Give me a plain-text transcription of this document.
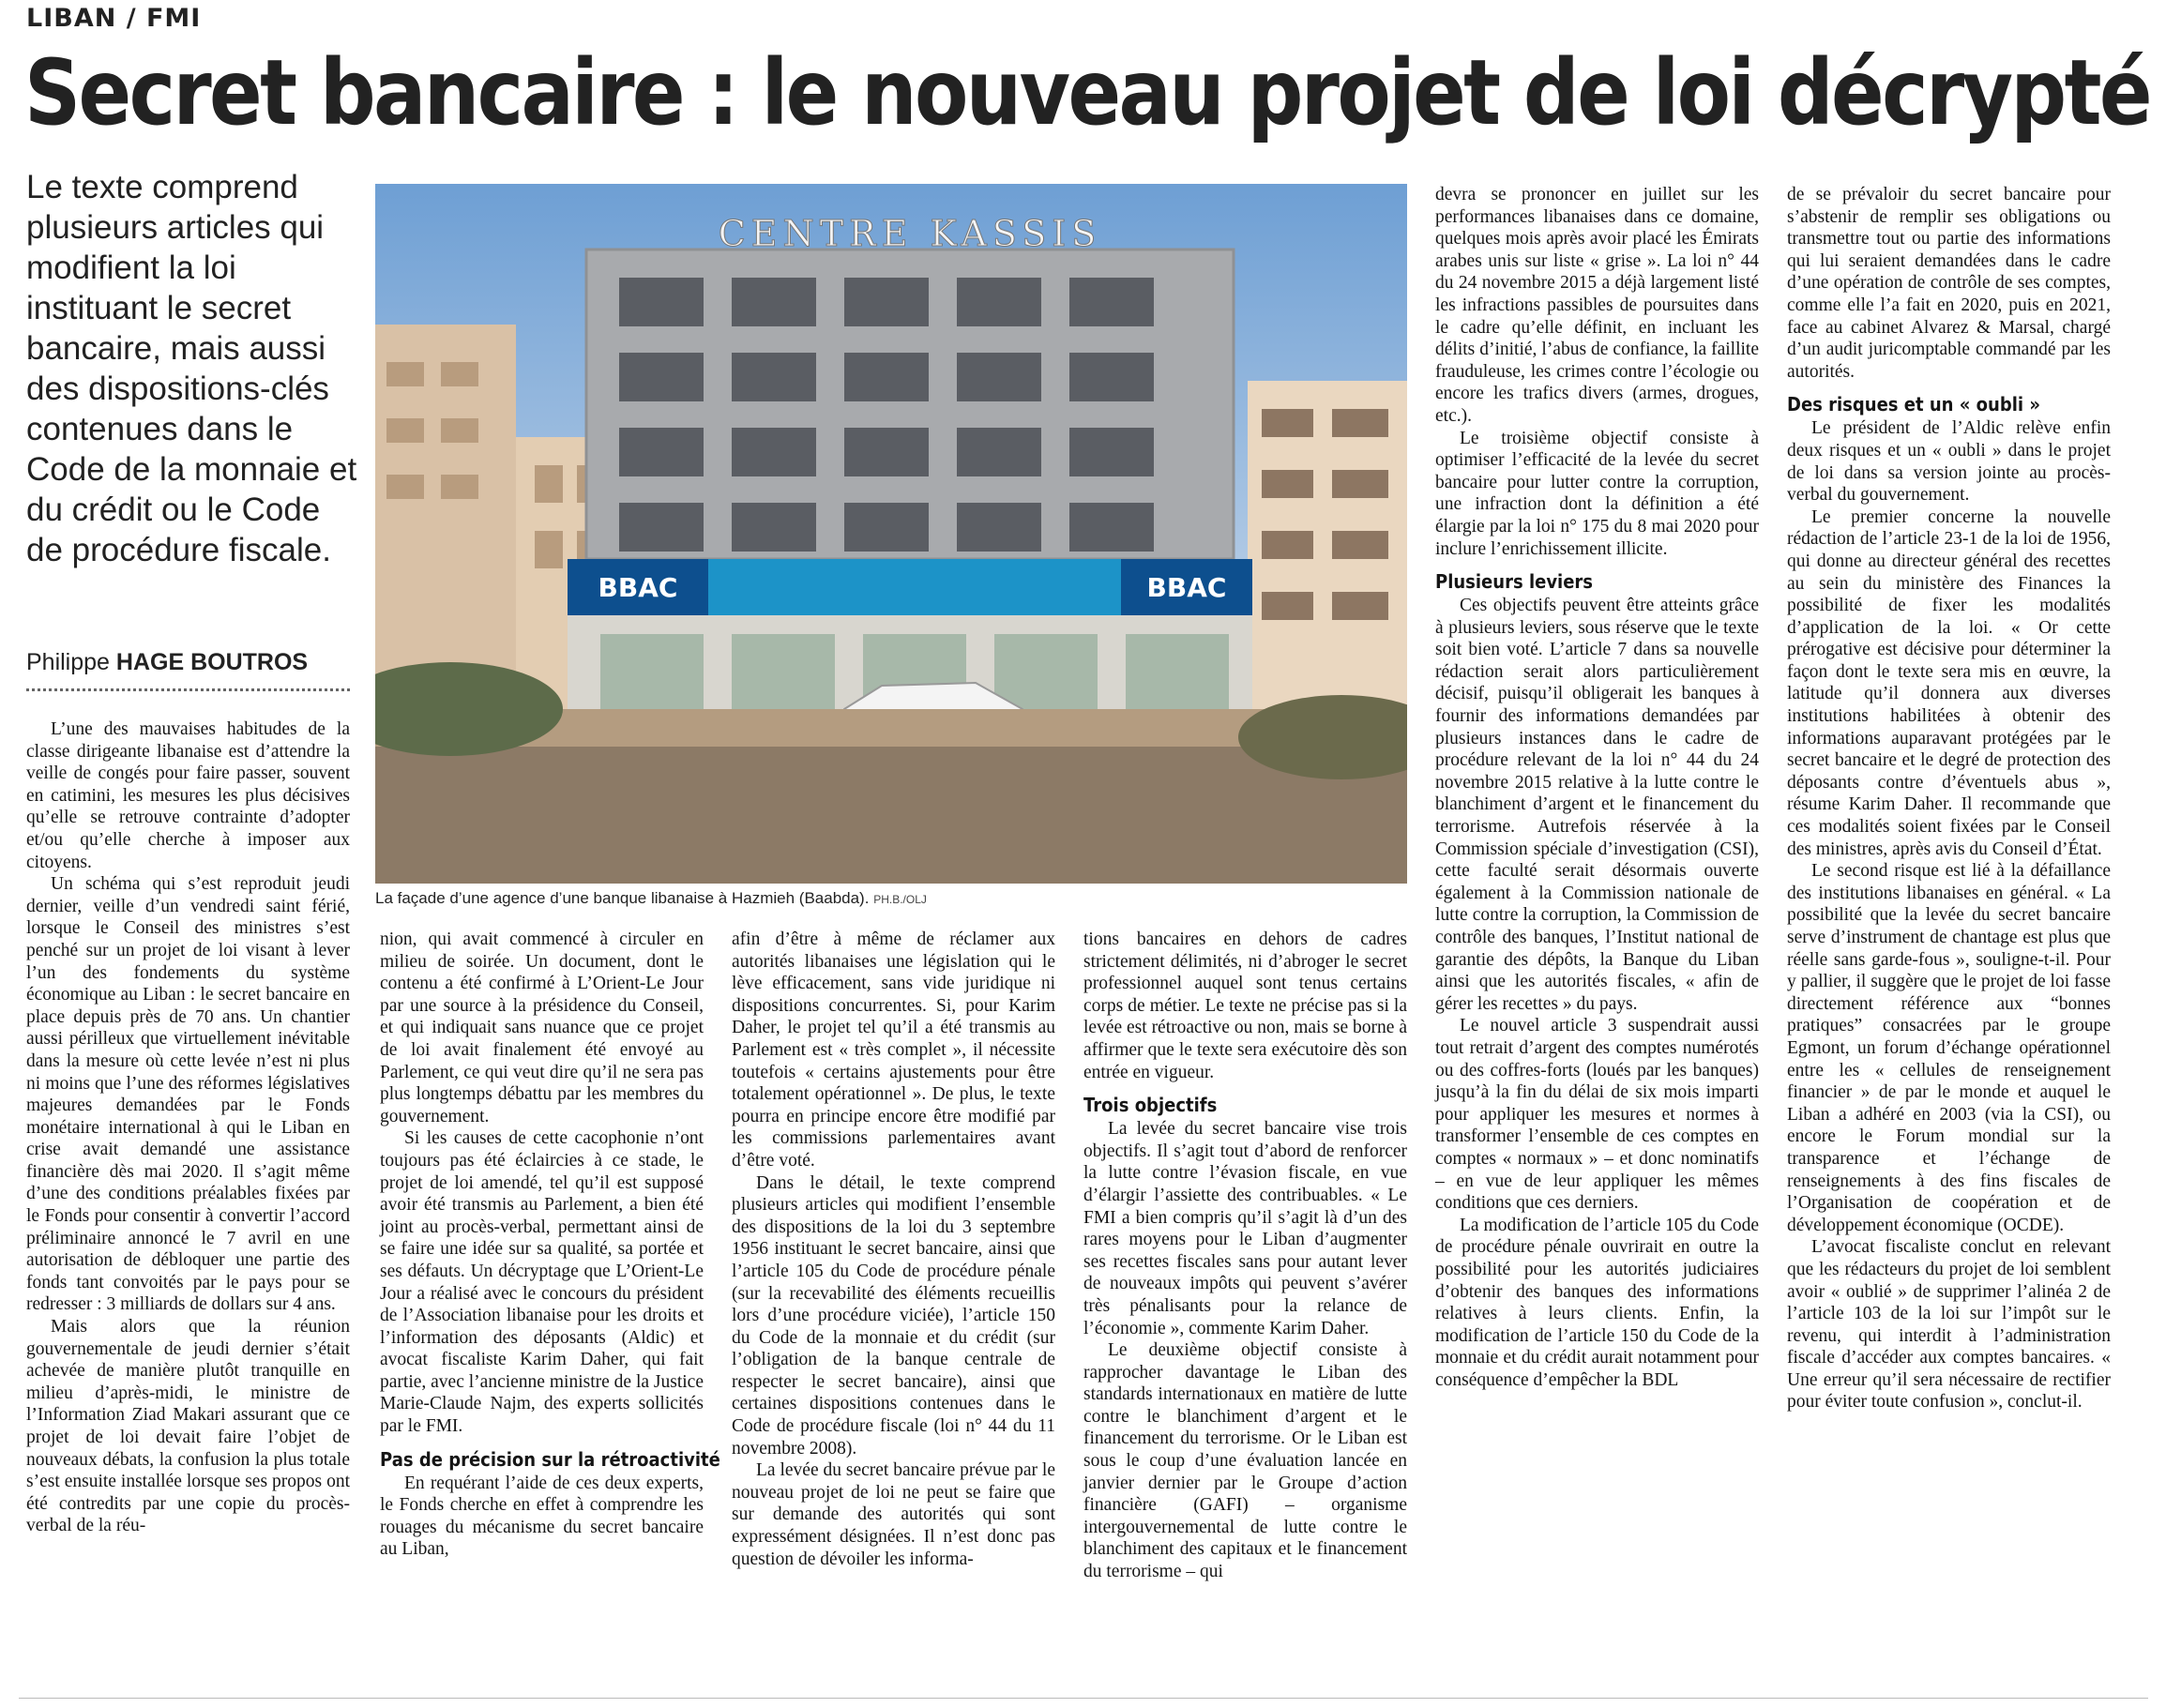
LIBAN / FMI
Secret bancaire : le nouveau projet de loi décrypté
Le texte comprend plusieurs articles qui modifient la loi instituant le secret bancaire, mais aussi des dispositions-clés contenues dans le Code de la monnaie et du crédit ou le Code de procédure fiscale.
Philippe HAGE BOUTROS

L’une des mauvaises habitudes de la classe dirigeante libanaise est d’attendre la veille de congés pour faire passer, souvent en catimini, les mesures les plus décisives qu’elle se retrouve contrainte d’adopter et/ou qu’elle cherche à imposer aux citoyens.

Un schéma qui s’est reproduit jeudi dernier, veille d’un vendredi saint férié, lorsque le Conseil des ministres s’est penché sur un projet de loi visant à lever l’un des fondements du système économique au Liban : le secret bancaire en place depuis près de 70 ans. Un chantier aussi périlleux que virtuellement inévitable dans la mesure où cette levée n’est ni plus ni moins que l’une des réformes législatives majeures demandées par le Fonds monétaire international à qui le Liban en crise avait demandé une assistance financière dès mai 2020. Il s’agit même d’une des conditions préalables fixées par le Fonds pour consentir à convertir l’accord préliminaire annoncé le 7 avril en une autorisation de débloquer une partie des fonds tant convoités par le pays pour se redresser : 3 milliards de dollars sur 4 ans.

Mais alors que la réunion gouvernementale de jeudi dernier s’était achevée de manière plutôt tranquille en milieu d’après-midi, le ministre de l’Information Ziad Makari assurant que ce projet de loi devait faire l’objet de nouveaux débats, la confusion la plus totale s’est ensuite installée lorsque ses propos ont été contredits par une copie du procès-verbal de la réu-

CENTRE KASSIS
BBAC	BBAC
La façade d’une agence d’une banque libanaise à Hazmieh (Baabda). PH.B./OLJ

nion, qui avait commencé à circuler en milieu de soirée. Un document, dont le contenu a été confirmé à L’Orient-Le Jour par une source à la présidence du Conseil, et qui indiquait sans nuance que ce projet de loi avait finalement été envoyé au Parlement, ce qui veut dire qu’il ne sera pas plus longtemps débattu par les membres du gouvernement.

Si les causes de cette cacophonie n’ont toujours pas été éclaircies à ce stade, le projet de loi amendé, tel qu’il est supposé avoir été transmis au Parlement, a bien été joint au procès-verbal, permettant ainsi de se faire une idée sur sa qualité, sa portée et ses défauts. Un décryptage que L’Orient-Le Jour a réalisé avec le concours du président de l’Association libanaise pour les droits et l’information des déposants (Aldic) et avocat fiscaliste Karim Daher, qui fait partie, avec l’ancienne ministre de la Justice Marie-Claude Najm, des experts sollicités par le FMI.

Pas de précision sur la rétroactivité

En requérant l’aide de ces deux experts, le Fonds cherche en effet à comprendre les rouages du mécanisme du secret bancaire au Liban,

afin d’être à même de réclamer aux autorités libanaises une législation qui le lève efficacement, sans vide juridique ni dispositions concurrentes. Si, pour Karim Daher, le projet tel qu’il a été transmis au Parlement est « très complet », il nécessite toutefois « certains ajustements pour être totalement opérationnel ». De plus, le texte pourra en principe encore être modifié par les commissions parlementaires avant d’être voté.

Dans le détail, le texte comprend plusieurs articles qui modifient l’ensemble des dispositions de la loi du 3 septembre 1956 instituant le secret bancaire, ainsi que l’article 105 du Code de procédure pénale (sur la recevabilité des éléments recueillis lors d’une procédure viciée), l’article 150 du Code de la monnaie et du crédit (sur l’obligation de la banque centrale de respecter le secret bancaire), ainsi que certaines dispositions contenues dans le Code de procédure fiscale (loi n° 44 du 11 novembre 2008).

La levée du secret bancaire prévue par le nouveau projet de loi ne peut se faire que sur demande des autorités qui sont expressément désignées. Il n’est donc pas question de dévoiler les informa-

tions bancaires en dehors de cadres strictement délimités, ni d’abroger le secret professionnel auquel sont tenus certains corps de métier. Le texte ne précise pas si la levée est rétroactive ou non, mais se borne à affirmer que le texte sera exécutoire dès son entrée en vigueur.

Trois objectifs

La levée du secret bancaire vise trois objectifs. Il s’agit tout d’abord de renforcer la lutte contre l’évasion fiscale, en vue d’élargir l’assiette des contribuables. « Le FMI a bien compris qu’il s’agit là d’un des rares moyens pour le Liban d’augmenter ses recettes fiscales sans pour autant lever de nouveaux impôts qui peuvent s’avérer très pénalisants pour la relance de l’économie », commente Karim Daher.

Le deuxième objectif consiste à rapprocher davantage le Liban des standards internationaux en matière de lutte contre le blanchiment d’argent et le financement du terrorisme. Or le Liban est sous le coup d’une évaluation lancée en janvier dernier par le Groupe d’action financière (GAFI) – organisme intergouvernemental de lutte contre le blanchiment des capitaux et le financement du terrorisme – qui

devra se prononcer en juillet sur les performances libanaises dans ce domaine, quelques mois après avoir placé les Émirats arabes unis sur liste « grise ». La loi n° 44 du 24 novembre 2015 a déjà largement listé les infractions passibles de poursuites dans le cadre qu’elle définit, en incluant les délits d’initié, l’abus de confiance, la faillite frauduleuse, les crimes contre l’écologie ou encore les trafics divers (armes, drogues, etc.).

Le troisième objectif consiste à optimiser l’efficacité de la levée du secret bancaire pour lutter contre la corruption, une infraction dont la définition a été élargie par la loi n° 175 du 8 mai 2020 pour inclure l’enrichissement illicite.

Plusieurs leviers

Ces objectifs peuvent être atteints grâce à plusieurs leviers, sous réserve que le texte soit bien voté. L’article 7 dans sa nouvelle rédaction serait alors particulièrement décisif, puisqu’il obligerait les banques à fournir des informations demandées par plusieurs instances dans le cadre de procédure relevant de la loi n° 44 du 24 novembre 2015 relative à la lutte contre le blanchiment d’argent et le financement du terrorisme. Autrefois réservée à la Commission spéciale d’investigation (CSI), cette faculté serait désormais ouverte également à la Commission nationale de lutte contre la corruption, la Commission de contrôle des banques, l’Institut national de garantie des dépôts, la Banque du Liban ainsi que les autorités fiscales, « afin de gérer les recettes » du pays.

Le nouvel article 3 suspendrait aussi tout retrait d’argent des comptes numérotés ou des coffres-forts (loués par les banques) jusqu’à la fin du délai de six mois imparti pour appliquer les mesures et normes à transformer l’ensemble de ces comptes en comptes « normaux » – et donc nominatifs – en vue de leur appliquer les mêmes conditions que ces derniers.

La modification de l’article 105 du Code de procédure pénale ouvrirait en outre la possibilité pour les autorités judiciaires d’obtenir des banques des informations relatives à leurs clients. Enfin, la modification de l’article 150 du Code de la monnaie et du crédit aurait notamment pour conséquence d’empêcher la BDL

de se prévaloir du secret bancaire pour s’abstenir de remplir ses obligations ou transmettre tout ou partie des informations qui lui seraient demandées dans le cadre d’une opération de contrôle de ses comptes, comme elle l’a fait en 2020, puis en 2021, face au cabinet Alvarez & Marsal, chargé d’un audit juricomptable commandé par les autorités.

Des risques et un « oubli »

Le président de l’Aldic relève enfin deux risques et un « oubli » dans le projet de loi dans sa version jointe au procès-verbal du gouvernement.

Le premier concerne la nouvelle rédaction de l’article 23-1 de la loi de 1956, qui donne au directeur général des recettes au sein du ministère des Finances la possibilité de fixer les modalités d’application de la loi. « Or cette prérogative est décisive pour déterminer la façon dont le texte sera mis en œuvre, la latitude qu’il donnera aux diverses institutions habilitées à obtenir des informations auparavant protégées par le secret bancaire et le degré de protection des déposants contre d’éventuels abus », résume Karim Daher. Il recommande que ces modalités soient fixées par le Conseil des ministres, après avis du Conseil d’État.

Le second risque est lié à la défaillance des institutions libanaises en général. « La possibilité que la levée du secret bancaire serve d’instrument de chantage est plus que réelle sans garde-fous », souligne-t-il. Pour y pallier, il suggère que le projet de loi fasse directement référence aux “bonnes pratiques” consacrées par le groupe Egmont, un forum d’échange opérationnel entre les « cellules de renseignement financier » de par le monde et auquel le Liban a adhéré en 2003 (via la CSI), ou encore le Forum mondial sur la transparence et l’échange de renseignements à des fins fiscales de l’Organisation de coopération et de développement économique (OCDE).

L’avocat fiscaliste conclut en relevant que les rédacteurs du projet de loi semblent avoir « oublié » de supprimer l’alinéa 2 de l’article 103 de la loi sur l’impôt sur le revenu, qui interdit à l’administration fiscale d’accéder aux comptes bancaires. « Une erreur qu’il sera nécessaire de rectifier pour éviter toute confusion », conclut-il.
